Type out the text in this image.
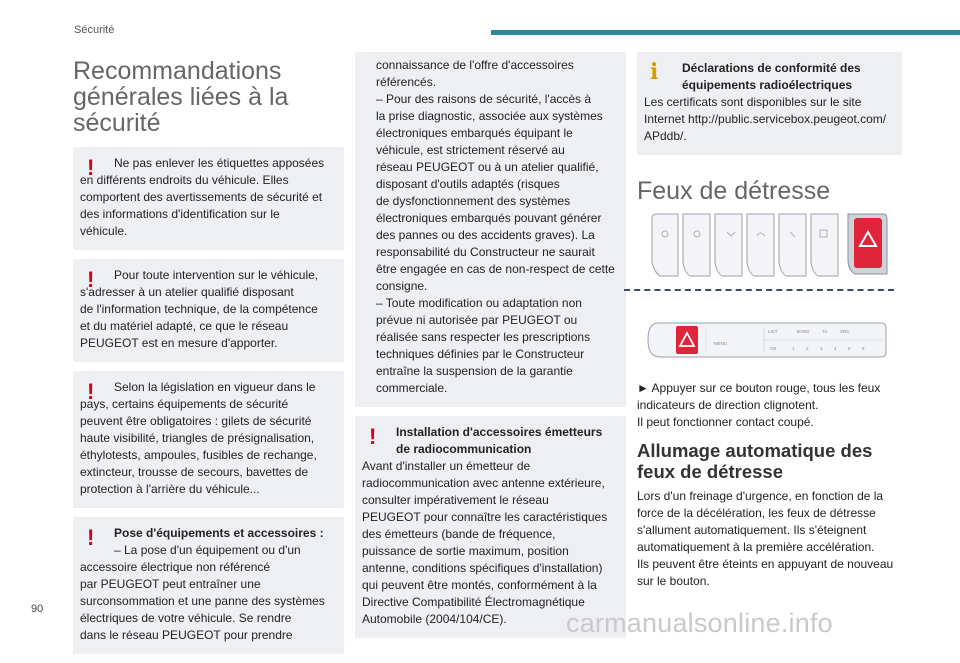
Sécurité
Recommandations
générales liées à la
sécurité
!	Ne pas enlever les étiquettes apposées
en différents endroits du véhicule. Elles
comportent des avertissements de sécurité et
des informations d'identification sur le
véhicule.
!	Pour toute intervention sur le véhicule,
s'adresser à un atelier qualifié disposant
de l'information technique, de la compétence
et du matériel adapté, ce que le réseau
PEUGEOT est en mesure d'apporter.
!	Selon la législation en vigueur dans le
pays, certains équipements de sécurité
peuvent être obligatoires : gilets de sécurité
haute visibilité, triangles de présignalisation,
éthylotests, ampoules, fusibles de rechange,
extincteur, trousse de secours, bavettes de
protection à l'arrière du véhicule...
!	Pose d'équipements et accessoires :
– La pose d'un équipement ou d'un
accessoire électrique non référencé
par PEUGEOT peut entraîner une
surconsommation et une panne des systèmes
électriques de votre véhicule. Se rendre
dans le réseau PEUGEOT pour prendre
connaissance de l'offre d'accessoires
référencés.
– Pour des raisons de sécurité, l'accès à
la prise diagnostic, associée aux systèmes
électroniques embarqués équipant le
véhicule, est strictement réservé au
réseau PEUGEOT ou à un atelier qualifié,
disposant d'outils adaptés (risques
de dysfonctionnement des systèmes
électroniques embarqués pouvant générer
des pannes ou des accidents graves). La
responsabilité du Constructeur ne saurait
être engagée en cas de non-respect de cette
consigne.
– Toute modification ou adaptation non
prévue ni autorisée par PEUGEOT ou
réalisée sans respecter les prescriptions
techniques définies par le Constructeur
entraîne la suspension de la garantie
commerciale.
!	Installation d'accessoires émetteurs
de radiocommunication
Avant d'installer un émetteur de
radiocommunication avec antenne extérieure,
consulter impérativement le réseau
PEUGEOT pour connaître les caractéristiques
des émetteurs (bande de fréquence,
puissance de sortie maximum, position
antenne, conditions spécifiques d'installation)
qui peuvent être montés, conformément à la
Directive Compatibilité Électromagnétique
Automobile (2004/104/CE).
i	Déclarations de conformité des
équipements radioélectriques
Les certificats sont disponibles sur le site
Internet http://public.servicebox.peugeot.com/
APddb/.
Feux de détresse
MENU
LIST	BAND	TA	SRC
OK	1	2	3	4	5	6
► Appuyer sur ce bouton rouge, tous les feux
indicateurs de direction clignotent.
Il peut fonctionner contact coupé.
Allumage automatique des
feux de détresse
Lors d'un freinage d'urgence, en fonction de la
force de la décélération, les feux de détresse
s'allument automatiquement. Ils s'éteignent
automatiquement à la première accélération.
Ils peuvent être éteints en appuyant de nouveau
sur le bouton.
90	carmanualsonline.info
